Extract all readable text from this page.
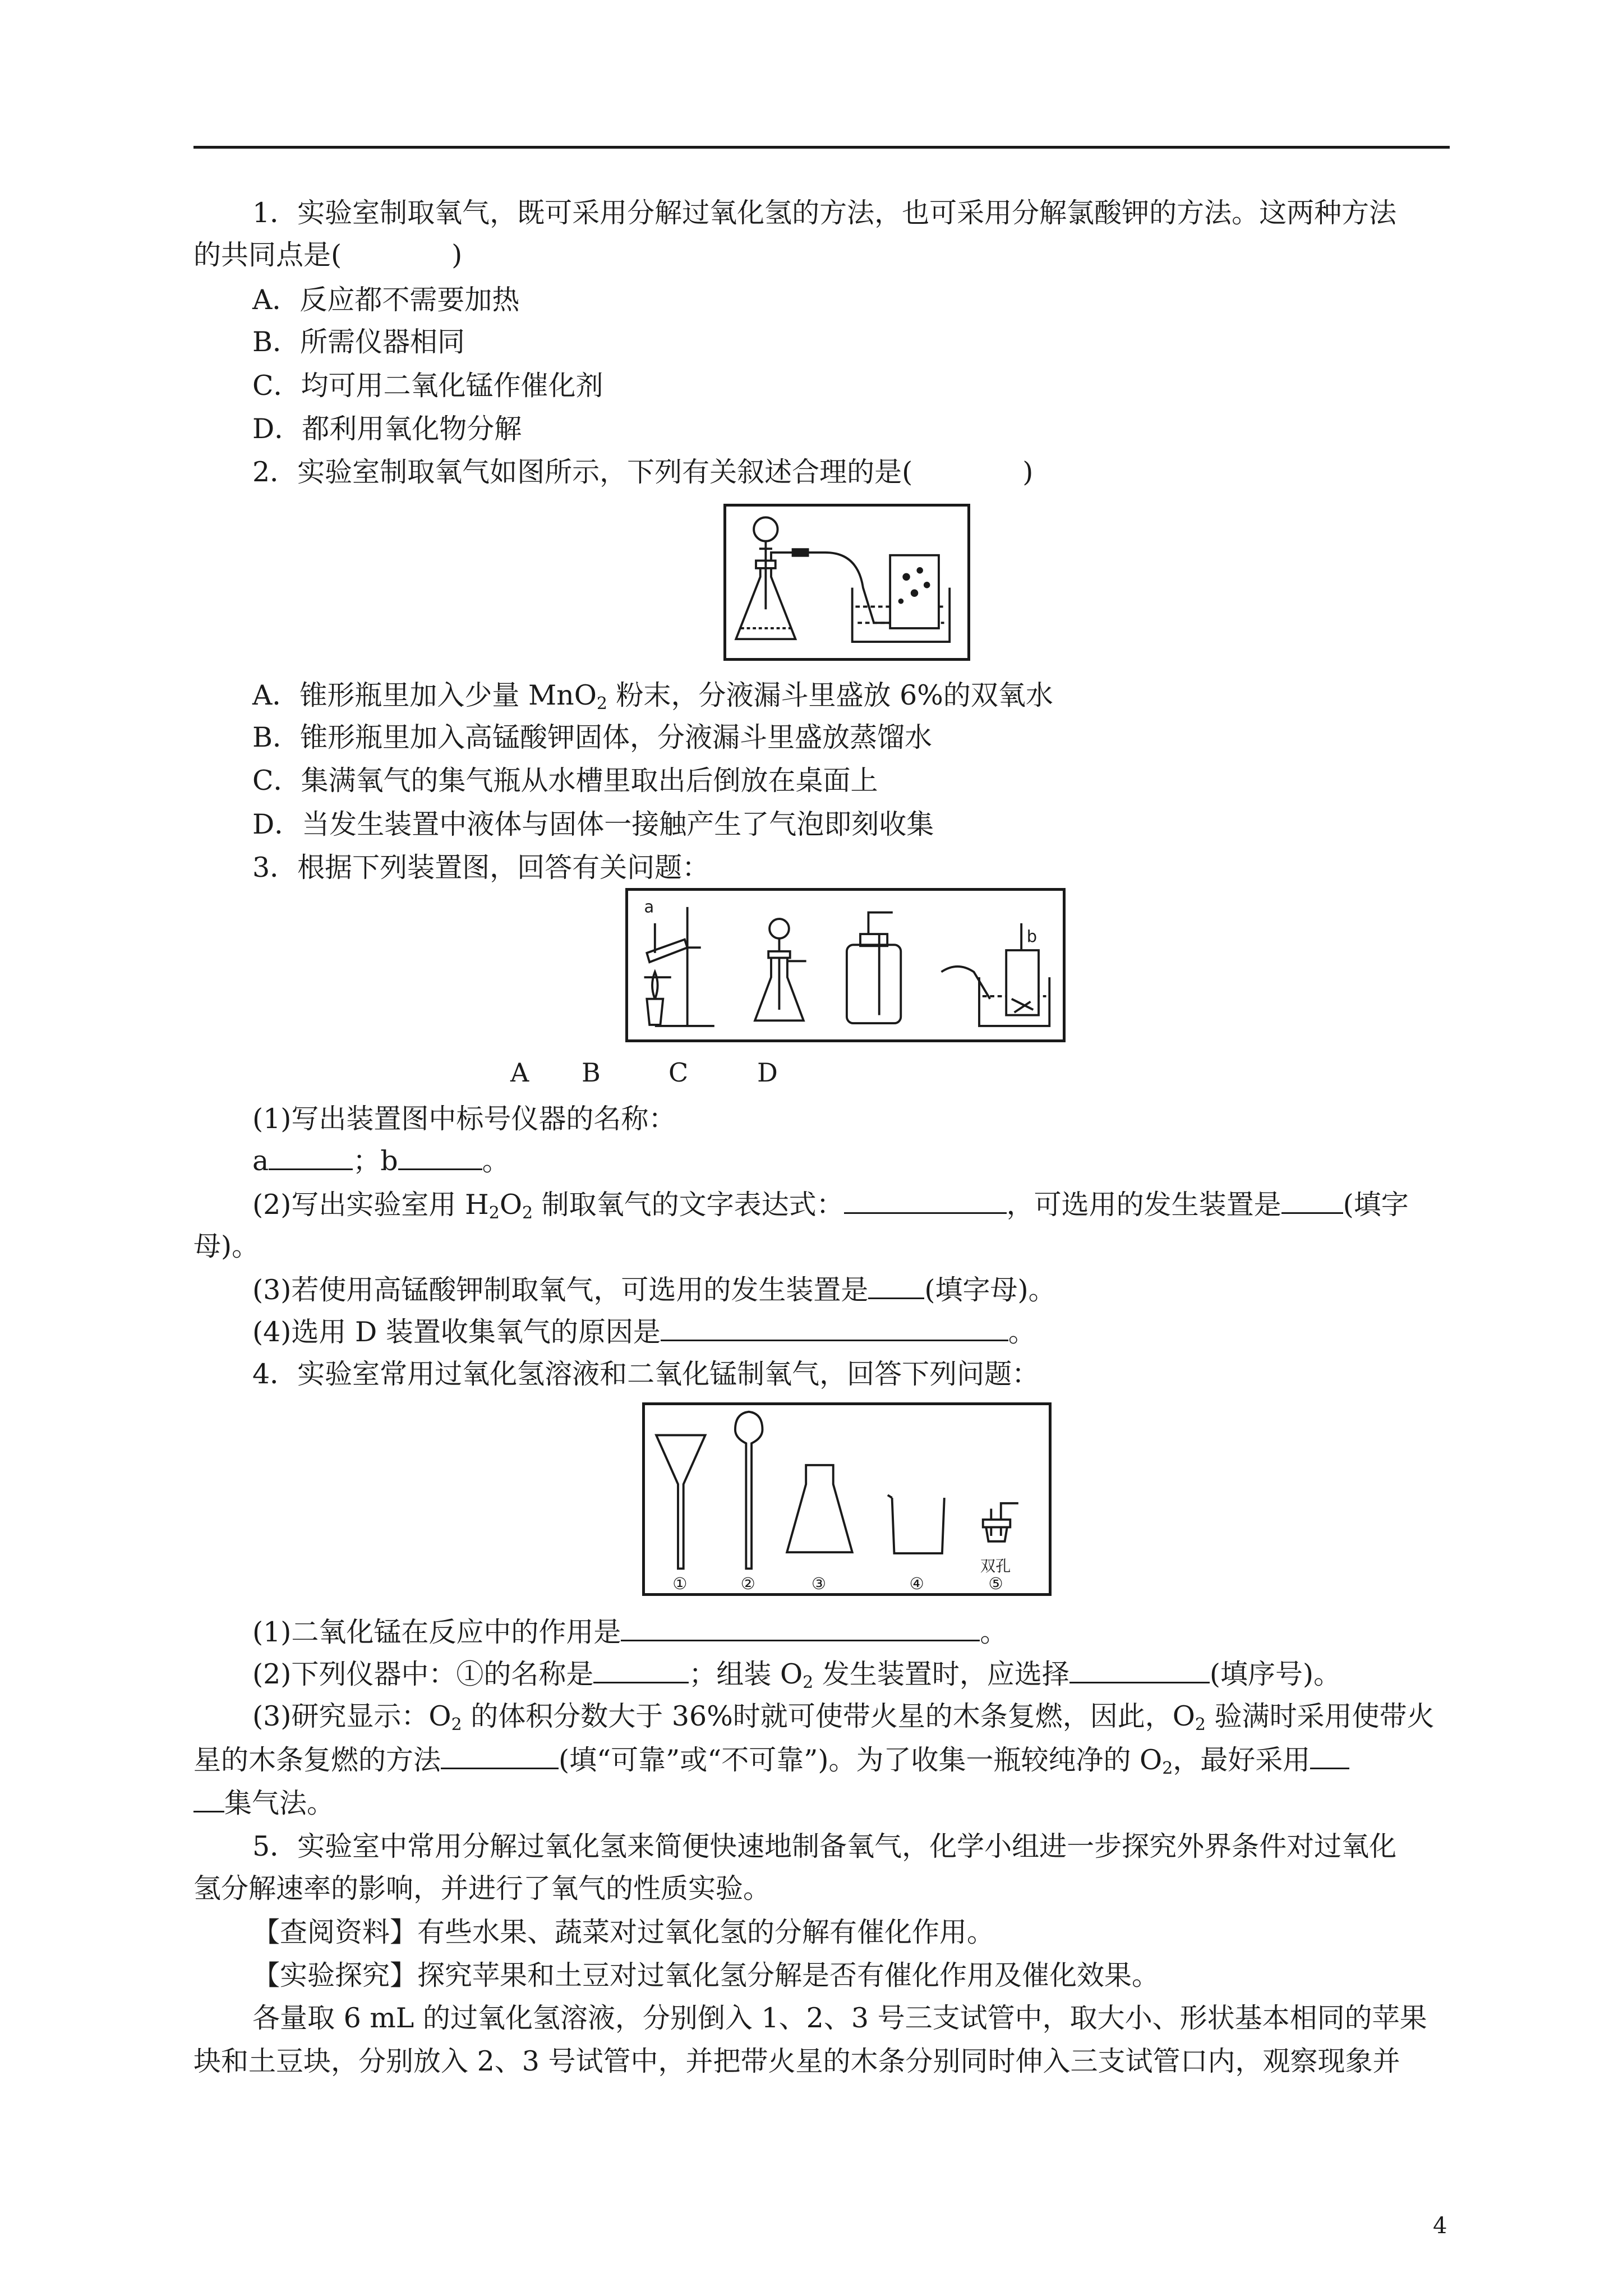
1．实验室制取氧气，既可采用分解过氧化氢的方法，也可采用分解氯酸钾的方法。这两种方法
的共同点是(　　　　)
A．反应都不需要加热
B．所需仪器相同
C．均可用二氧化锰作催化剂
D．都利用氧化物分解
2．实验室制取氧气如图所示，下列有关叙述合理的是(　　　　)
A．锥形瓶里加入少量 MnO$_2$ 粉末，分液漏斗里盛放 6%的双氧水
B．锥形瓶里加入高锰酸钾固体，分液漏斗里盛放蒸馏水
C．集满氧气的集气瓶从水槽里取出后倒放在桌面上
D．当发生装置中液体与固体一接触产生了气泡即刻收集
3．根据下列装置图，回答有关问题：
a
b
A B	C	D
(1)写出装置图中标号仪器的名称：
a	；b	。
(2)写出实验室用 $H_2O_2$ 制取氧气的文字表达式：	，可选用的发生装置是 (填字
母)。
(3)若使用高锰酸钾制取氧气，可选用的发生装置是 (填字母)。
(4)选用 D 装置收集氧气的原因是	。
4．实验室常用过氧化氢溶液和二氧化锰制氧气，回答下列问题：
双孔
①	②	③	④	⑤
(1)二氧化锰在反应中的作用是	。
(2)下列仪器中：①的名称是	；组装 $O_2$ 发生装置时，应选择	(填序号)。
(3)研究显示：$O_2$ 的体积分数大于 36%时就可使带火星的木条复燃，因此，$O_2$ 验满时采用使带火
星的木条复燃的方法	(填“可靠”或“不可靠”)。为了收集一瓶较纯净的 $O_2$，最好采用
集气法。
5．实验室中常用分解过氧化氢来简便快速地制备氧气，化学小组进一步探究外界条件对过氧化
氢分解速率的影响，并进行了氧气的性质实验。
【查阅资料】有些水果、蔬菜对过氧化氢的分解有催化作用。
【实验探究】探究苹果和土豆对过氧化氢分解是否有催化作用及催化效果。
各量取 6 mL 的过氧化氢溶液，分别倒入 1、2、3 号三支试管中，取大小、形状基本相同的苹果
块和土豆块，分别放入 2、3 号试管中，并把带火星的木条分别同时伸入三支试管口内，观察现象并
4
